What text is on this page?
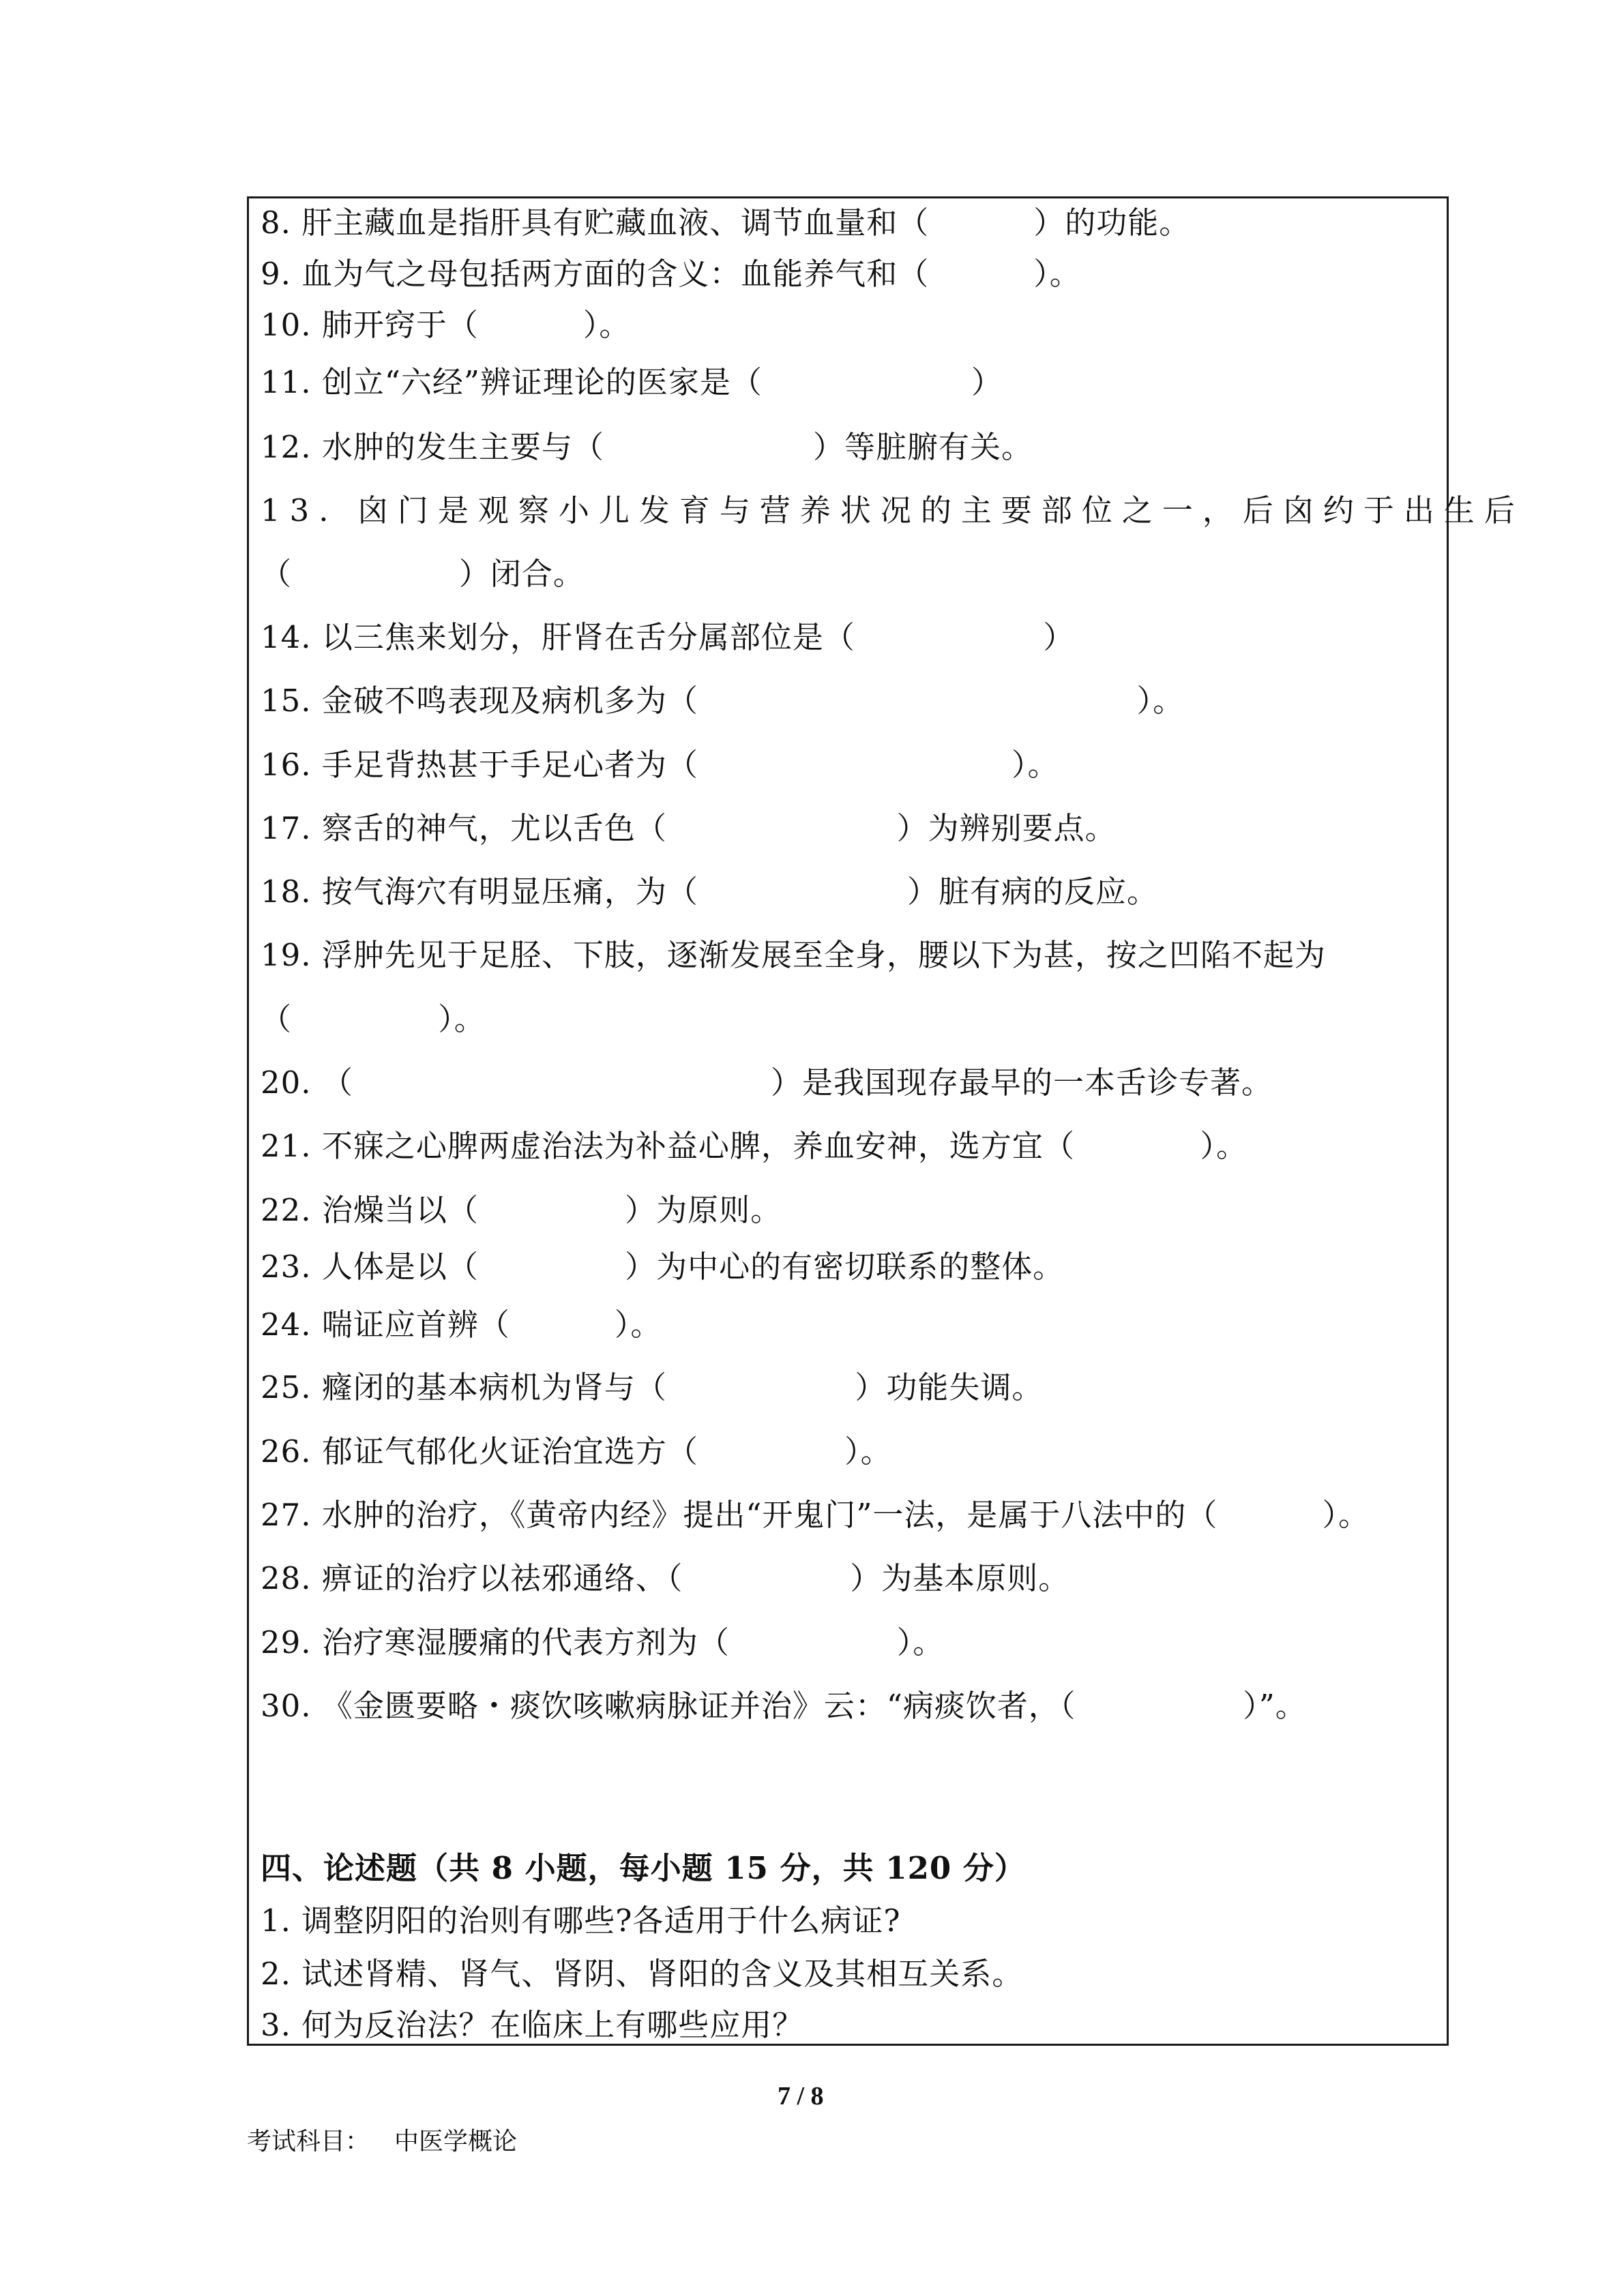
8. 肝主藏血是指肝具有贮藏血液、调节血量和（          ）的功能。
9. 血为气之母包括两方面的含义：血能养气和（          ）。
10. 肺开窍于（          ）。
11. 创立“六经”辨证理论的医家是（                    ）
12. 水肿的发生主要与（                    ）等脏腑有关。
13. 囟门是观察小儿发育与营养状况的主要部位之一，后囟约于出生后
（                ）闭合。
14. 以三焦来划分，肝肾在舌分属部位是（                  ）
15. 金破不鸣表现及病机多为（                                          ）。
16. 手足背热甚于手足心者为（                              ）。
17. 察舌的神气，尤以舌色（                      ）为辨别要点。
18. 按气海穴有明显压痛，为（                    ）脏有病的反应。
19. 浮肿先见于足胫、下肢，逐渐发展至全身，腰以下为甚，按之凹陷不起为
（              ）。
20. （                                        ）是我国现存最早的一本舌诊专著。
21. 不寐之心脾两虚治法为补益心脾，养血安神，选方宜（            ）。
22. 治燥当以（              ）为原则。
23. 人体是以（              ）为中心的有密切联系的整体。
24. 喘证应首辨（          ）。
25. 癃闭的基本病机为肾与（                  ）功能失调。
26. 郁证气郁化火证治宜选方（              ）。
27. 水肿的治疗，《黄帝内经》提出“开鬼门”一法，是属于八法中的（          ）。
28. 痹证的治疗以祛邪通络、（                ）为基本原则。
29. 治疗寒湿腰痛的代表方剂为（                ）。
30. 《金匮要略・痰饮咳嗽病脉证并治》云：“病痰饮者，（                ）”。
四、论述题（共 8 小题，每小题 15 分，共 120 分）
1. 调整阴阳的治则有哪些?各适用于什么病证?
2. 试述肾精、肾气、肾阴、肾阳的含义及其相互关系。
3. 何为反治法？在临床上有哪些应用？
7 / 8
考试科目： 中医学概论
